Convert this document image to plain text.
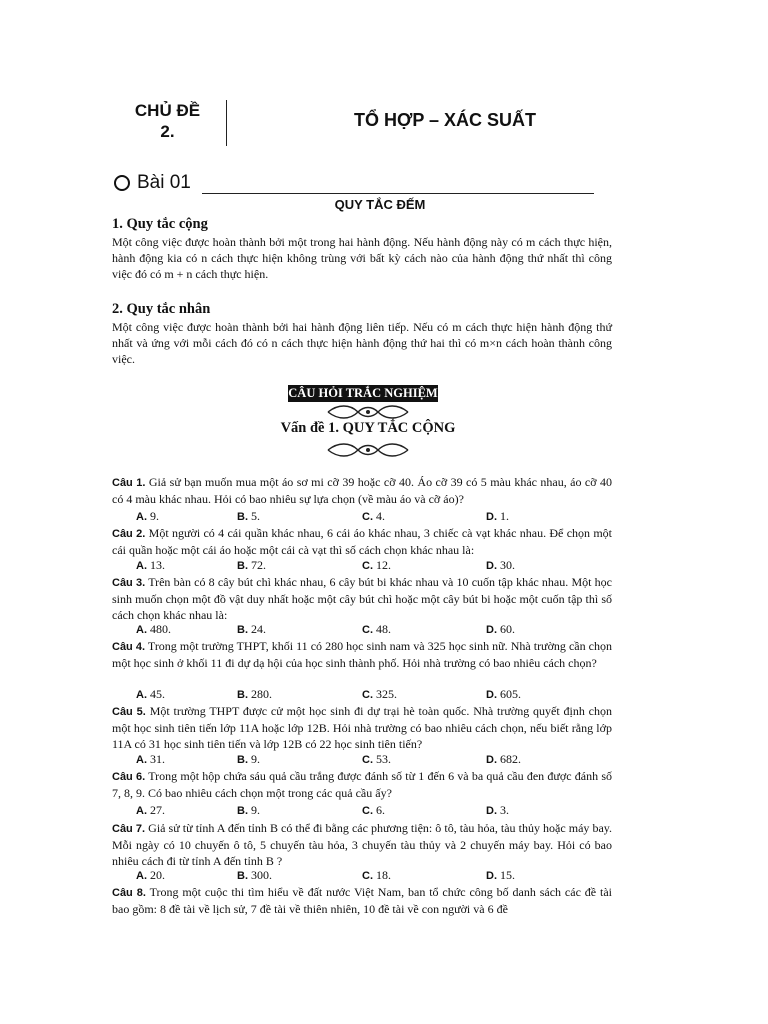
CHỦ ĐỀ
2.
TỔ HỢP – XÁC SUẤT
Bài 01
QUY TẮC ĐẾM
1. Quy tắc cộng
Một công việc được hoàn thành bởi một trong hai hành động. Nếu hành động này có m cách thực hiện, hành động kia có n cách thực hiện không trùng với bất kỳ cách nào của hành động thứ nhất thì công việc đó có m + n cách thực hiện.
2. Quy tắc nhân
Một công việc được hoàn thành bởi hai hành động liên tiếp. Nếu có m cách thực hiện hành động thứ nhất và ứng với mỗi cách đó có n cách thực hiện hành động thứ hai thì có m×n cách hoàn thành công việc.
CÂU HỎI TRẮC NGHIỆM
Vấn đề 1. QUY TẮC CỘNG
Câu 1. Giả sử bạn muốn mua một áo sơ mi cỡ 39 hoặc cỡ 40. Áo cỡ 39 có 5 màu khác nhau, áo cỡ 40 có 4 màu khác nhau. Hỏi có bao nhiêu sự lựa chọn (về màu áo và cỡ áo)?
A. 9.	B. 5.	C. 4.	D. 1.
Câu 2. Một người có 4 cái quần khác nhau, 6 cái áo khác nhau, 3 chiếc cà vạt khác nhau. Để chọn một cái quần hoặc một cái áo hoặc một cái cà vạt thì số cách chọn khác nhau là:
A. 13.	B. 72.	C. 12.	D. 30.
Câu 3. Trên bàn có 8 cây bút chì khác nhau, 6 cây bút bi khác nhau và 10 cuốn tập khác nhau. Một học sinh muốn chọn một đồ vật duy nhất hoặc một cây bút chì hoặc một cây bút bi hoặc một cuốn tập thì số cách chọn khác nhau là:
A. 480.	B. 24.	C. 48.	D. 60.
Câu 4. Trong một trường THPT, khối 11 có 280 học sinh nam và 325 học sinh nữ. Nhà trường cần chọn một học sinh ở khối 11 đi dự dạ hội của học sinh thành phố. Hỏi nhà trường có bao nhiêu cách chọn?
A. 45.	B. 280.	C. 325.	D. 605.
Câu 5. Một trường THPT được cử một học sinh đi dự trại hè toàn quốc. Nhà trường quyết định chọn một học sinh tiên tiến lớp 11A hoặc lớp 12B. Hỏi nhà trường có bao nhiêu cách chọn, nếu biết rằng lớp 11A có 31 học sinh tiên tiến và lớp 12B có 22 học sinh tiên tiến?
A. 31.	B. 9.	C. 53.	D. 682.
Câu 6. Trong một hộp chứa sáu quả cầu trắng được đánh số từ 1 đến 6 và ba quả cầu đen được đánh số 7, 8, 9. Có bao nhiêu cách chọn một trong các quả cầu ấy?
A. 27.	B. 9.	C. 6.	D. 3.
Câu 7. Giả sử từ tỉnh A đến tỉnh B có thể đi bằng các phương tiện: ô tô, tàu hỏa, tàu thủy hoặc máy bay. Mỗi ngày có 10 chuyến ô tô, 5 chuyến tàu hỏa, 3 chuyến tàu thủy và 2 chuyến máy bay. Hỏi có bao nhiêu cách đi từ tỉnh A đến tỉnh B ?
A. 20.	B. 300.	C. 18.	D. 15.
Câu 8. Trong một cuộc thi tìm hiểu về đất nước Việt Nam, ban tổ chức công bố danh sách các đề tài bao gồm: 8 đề tài về lịch sử, 7 đề tài về thiên nhiên, 10 đề tài về con người và 6 đề
